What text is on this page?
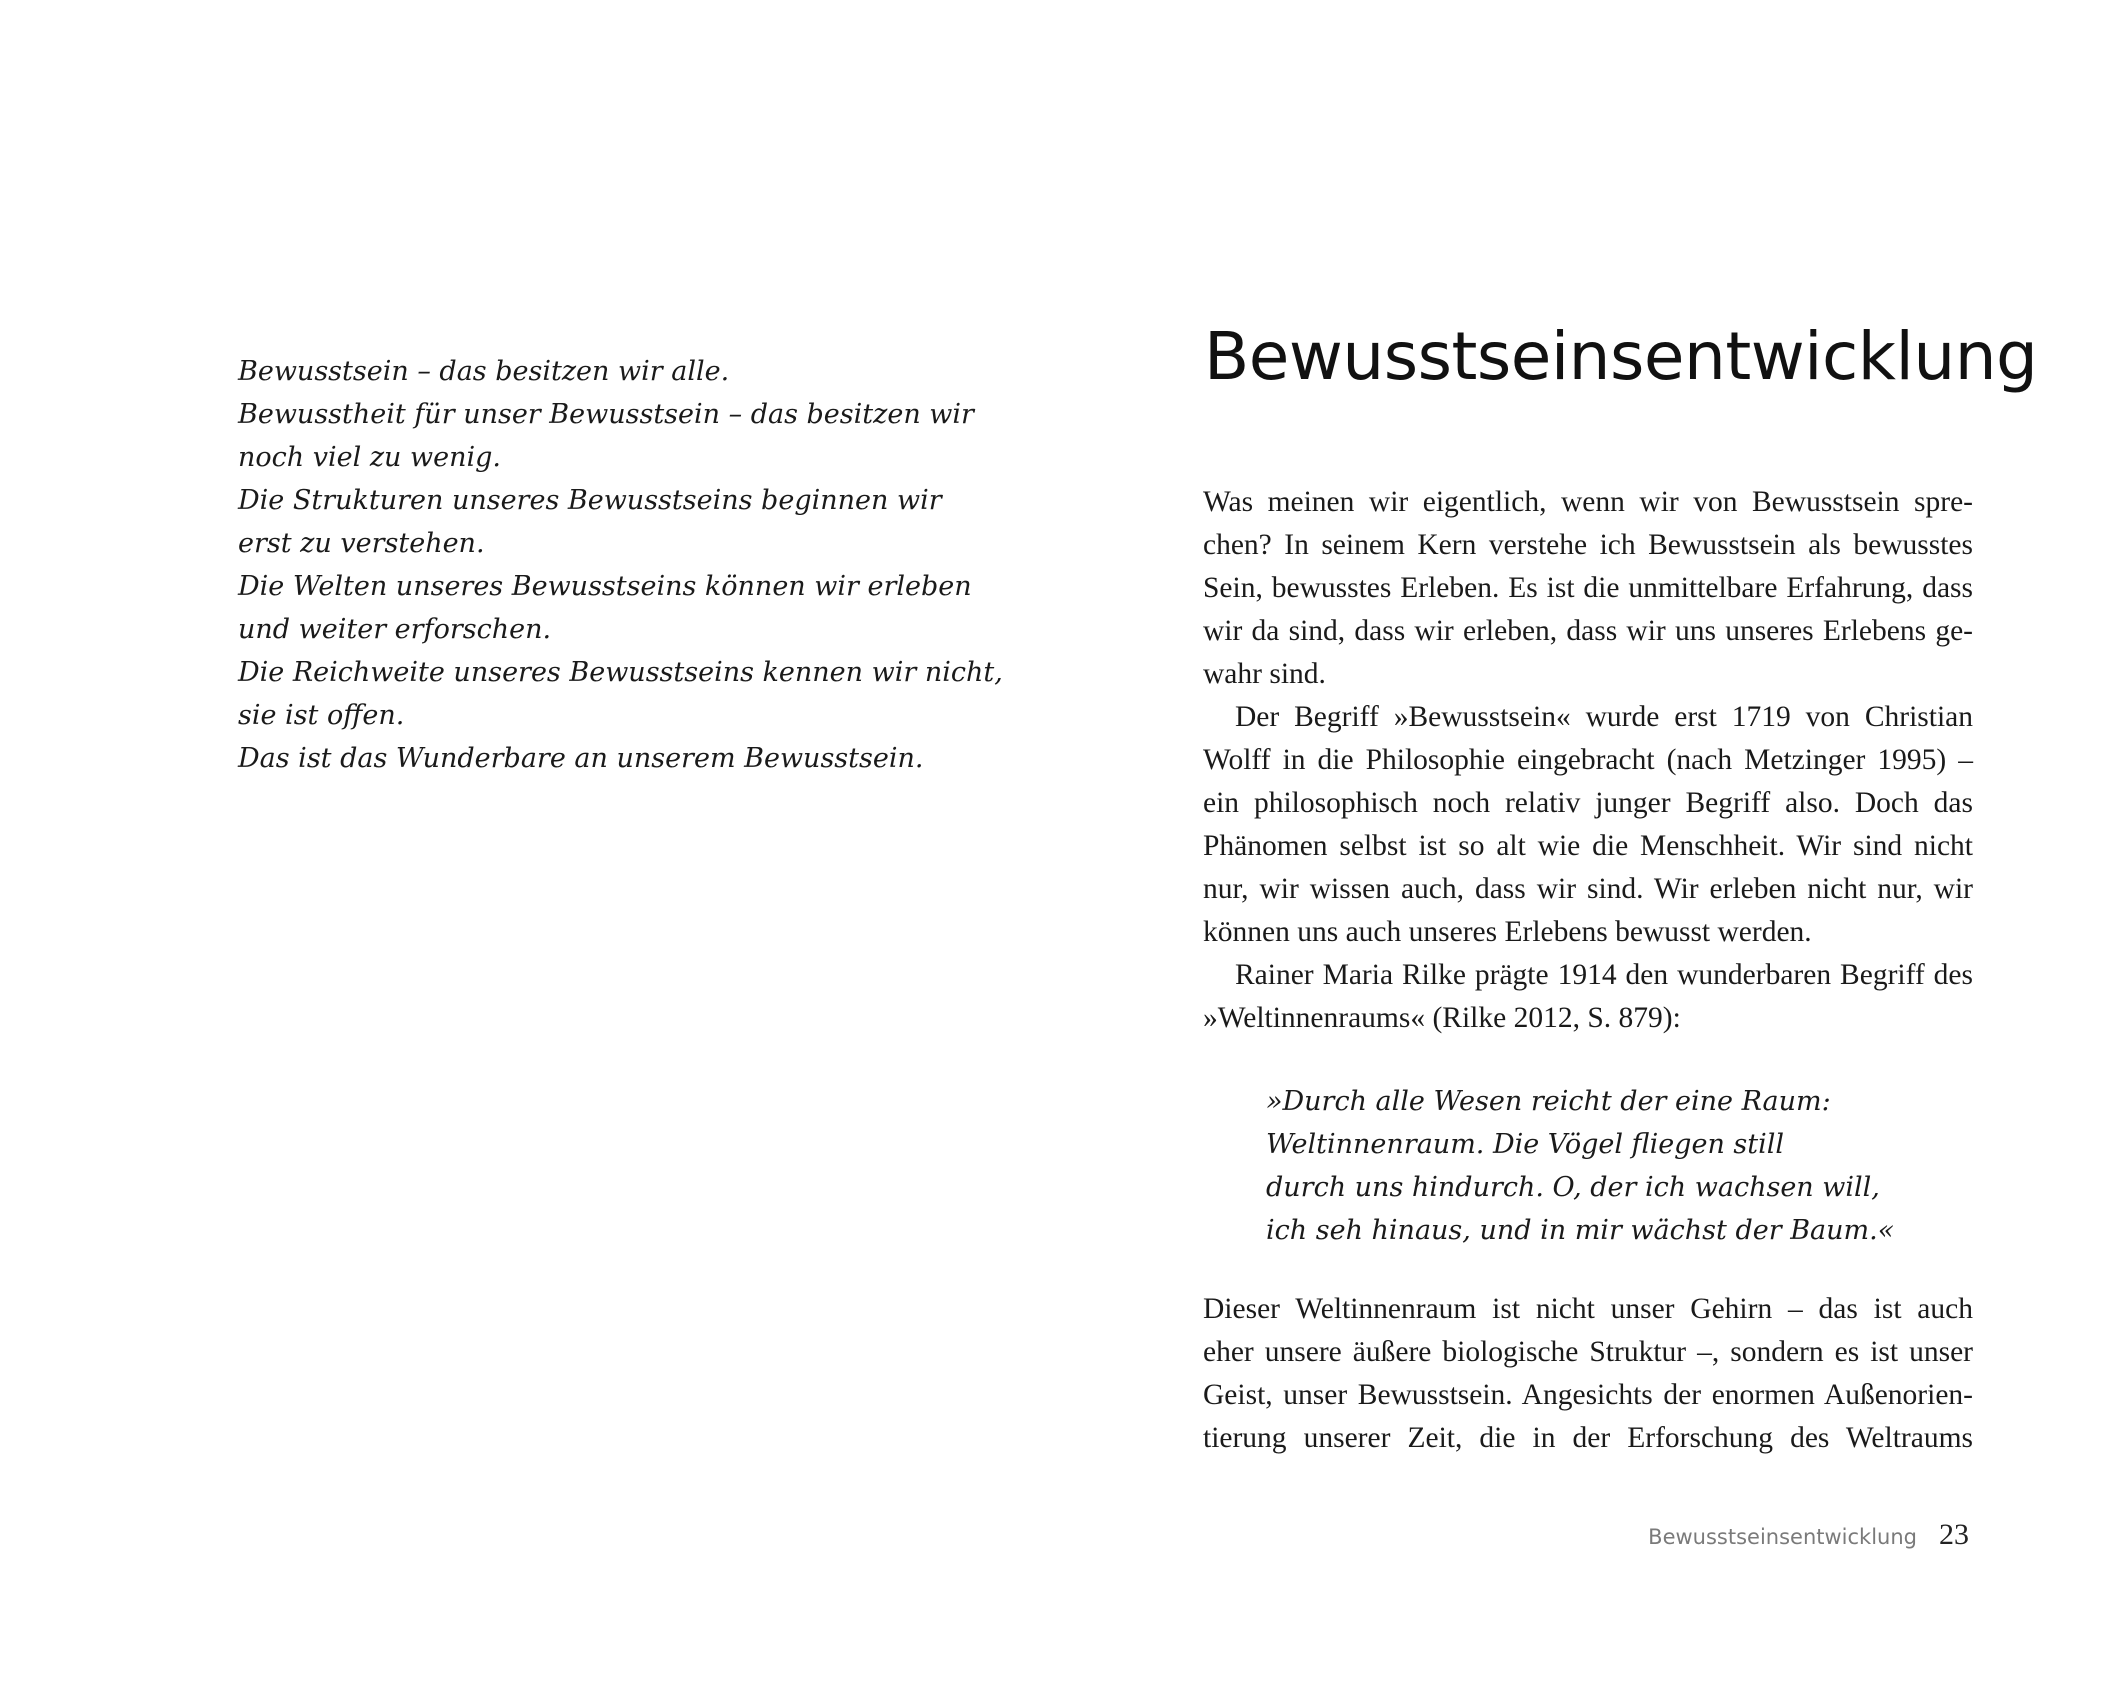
Bewusstsein – das besitzen wir alle.
Bewusstheit für unser Bewusstsein – das besitzen wir
noch viel zu wenig.
Die Strukturen unseres Bewusstseins beginnen wir
erst zu verstehen.
Die Welten unseres Bewusstseins können wir erleben
und weiter erforschen.
Die Reichweite unseres Bewusstseins kennen wir nicht,
sie ist offen.
Das ist das Wunderbare an unserem Bewusstsein.
Bewusstseinsentwicklung
Was meinen wir eigentlich, wenn wir von Bewusstsein spre-
chen? In seinem Kern verstehe ich Bewusstsein als bewusstes
Sein, bewusstes Erleben. Es ist die unmittelbare Erfahrung, dass
wir da sind, dass wir erleben, dass wir uns unseres Erlebens ge-
wahr sind.
Der Begriff »Bewusstsein« wurde erst 1719 von Christian
Wolff in die Philosophie eingebracht (nach Metzinger 1995) –
ein philosophisch noch relativ junger Begriff also. Doch das
Phänomen selbst ist so alt wie die Menschheit. Wir sind nicht
nur, wir wissen auch, dass wir sind. Wir erleben nicht nur, wir
können uns auch unseres Erlebens bewusst werden.
Rainer Maria Rilke prägte 1914 den wunderbaren Begriff des
»Weltinnenraums« (Rilke 2012, S. 879):
»Durch alle Wesen reicht der eine Raum:
Weltinnenraum. Die Vögel fliegen still
durch uns hindurch. O, der ich wachsen will,
ich seh hinaus, und in mir wächst der Baum.«
Dieser Weltinnenraum ist nicht unser Gehirn – das ist auch
eher unsere äußere biologische Struktur –, sondern es ist unser
Geist, unser Bewusstsein. Angesichts der enormen Außenorien-
tierung unserer Zeit, die in der Erforschung des Weltraums
Bewusstseinsentwicklung 23
